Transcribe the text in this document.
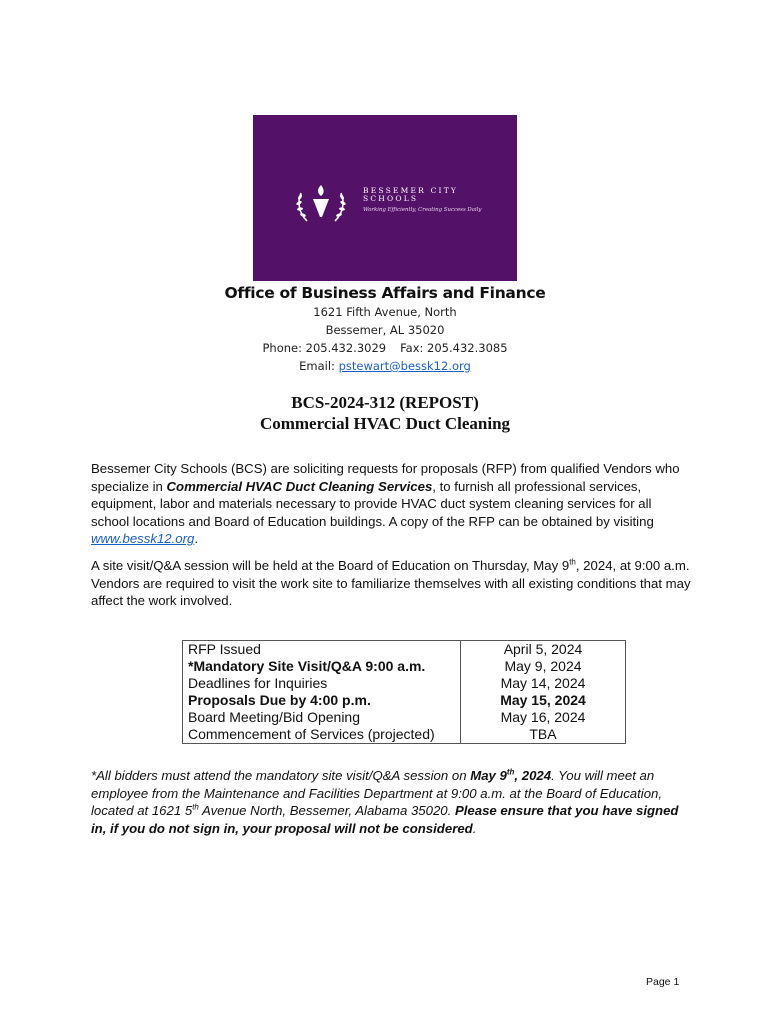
BESSEMER CITY
SCHOOLS
Working Efficiently, Creating Success Daily
Office of Business Affairs and Finance
1621 Fifth Avenue, North
Bessemer, AL 35020
Phone: 205.432.3029 Fax: 205.432.3085
Email: pstewart@bessk12.org
BCS-2024-312 (REPOST)
Commercial HVAC Duct Cleaning
Bessemer City Schools (BCS) are soliciting requests for proposals (RFP) from qualified Vendors who specialize in Commercial HVAC Duct Cleaning Services, to furnish all professional services, equipment, labor and materials necessary to provide HVAC duct system cleaning services for all school locations and Board of Education buildings. A copy of the RFP can be obtained by visiting www.bessk12.org.
A site visit/Q&A session will be held at the Board of Education on Thursday, May 9th, 2024, at 9:00 a.m. Vendors are required to visit the work site to familiarize themselves with all existing conditions that may affect the work involved.
RFP Issued	April 5, 2024
*Mandatory Site Visit/Q&A 9:00 a.m.	May 9, 2024
Deadlines for Inquiries	May 14, 2024
Proposals Due by 4:00 p.m.	May 15, 2024
Board Meeting/Bid Opening	May 16, 2024
Commencement of Services (projected)	TBA
*All bidders must attend the mandatory site visit/Q&A session on May 9th, 2024. You will meet an employee from the Maintenance and Facilities Department at 9:00 a.m. at the Board of Education, located at 1621 5th Avenue North, Bessemer, Alabama 35020. Please ensure that you have signed in, if you do not sign in, your proposal will not be considered.
Page 1
